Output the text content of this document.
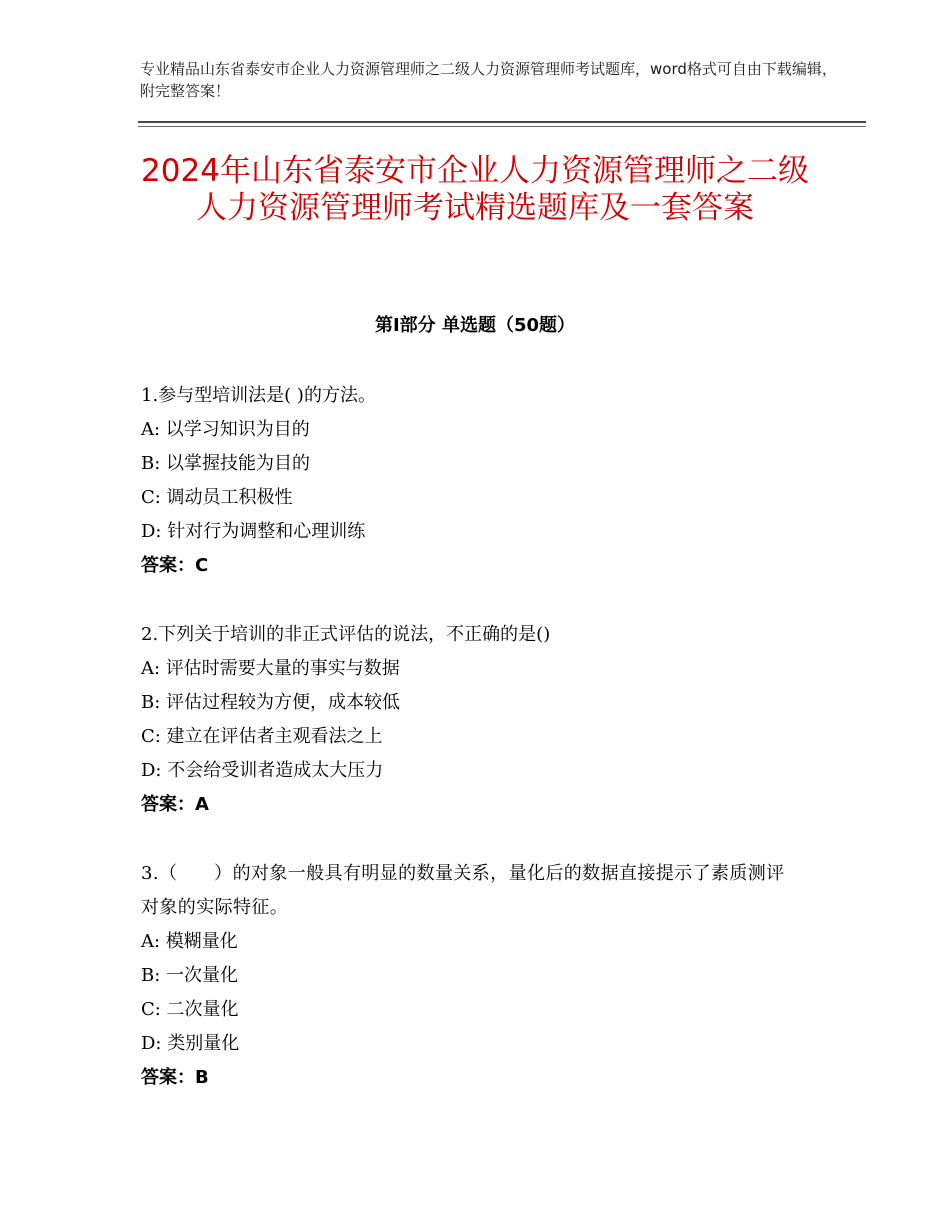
专业精品山东省泰安市企业人力资源管理师之二级人力资源管理师考试题库，word格式可自由下载编辑，附完整答案！
2024年山东省泰安市企业人力资源管理师之二级人力资源管理师考试精选题库及一套答案
第Ⅰ部分 单选题（50题）
1.参与型培训法是( )的方法。
A: 以学习知识为目的
B: 以掌握技能为目的
C: 调动员工积极性
D: 针对行为调整和心理训练
答案：C
2.下列关于培训的非正式评估的说法，不正确的是()
A: 评估时需要大量的事实与数据
B: 评估过程较为方便，成本较低
C: 建立在评估者主观看法之上
D: 不会给受训者造成太大压力
答案：A
3.（　　）的对象一般具有明显的数量关系，量化后的数据直接提示了素质测评对象的实际特征。
A: 模糊量化
B: 一次量化
C: 二次量化
D: 类别量化
答案：B
